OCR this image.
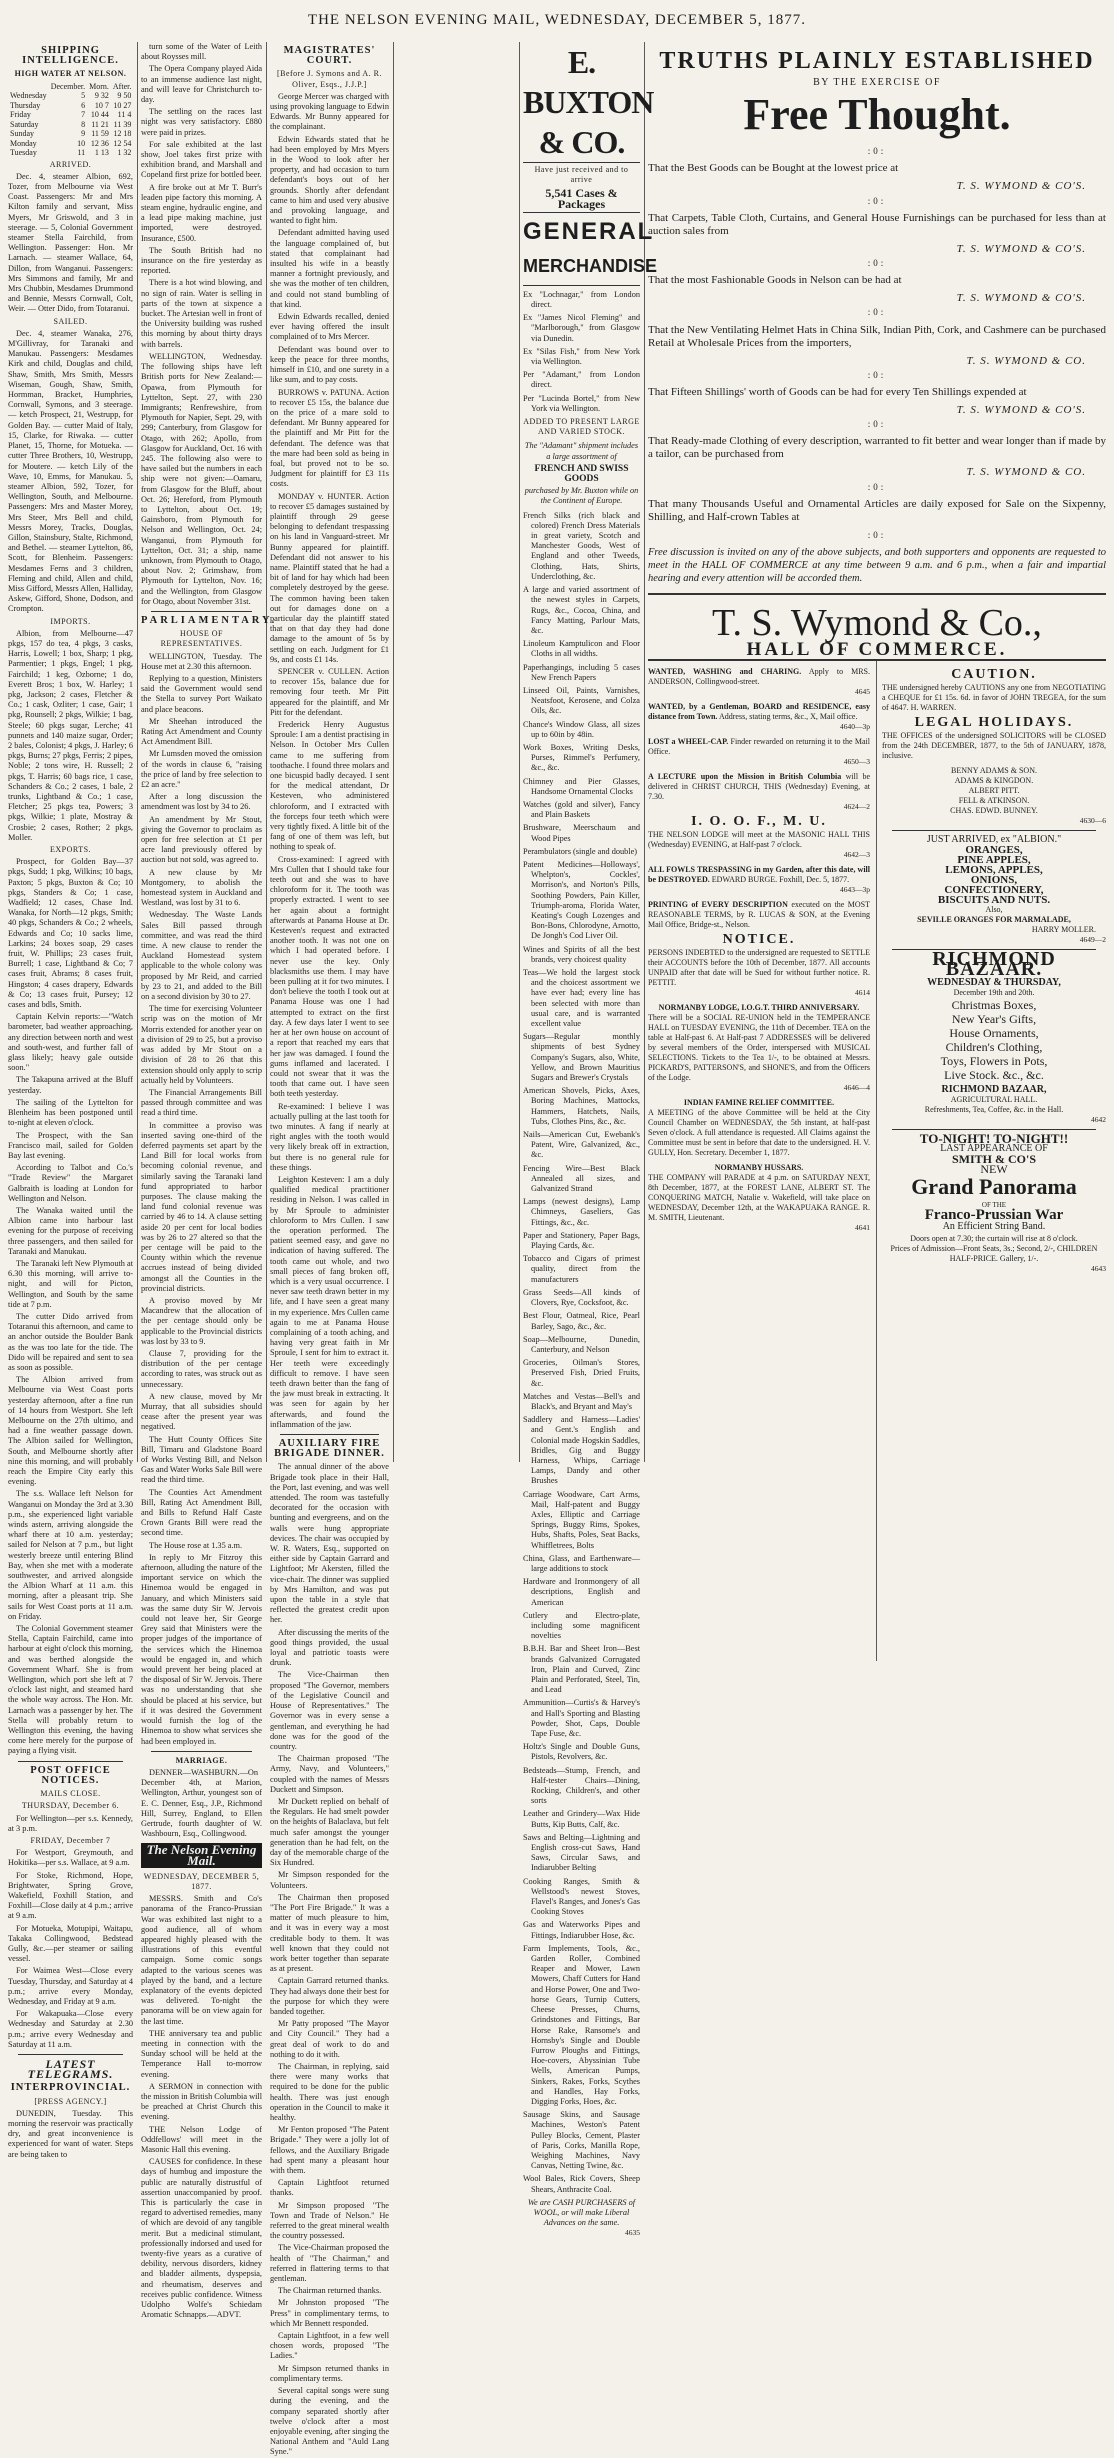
THE NELSON EVENING MAIL, WEDNESDAY, DECEMBER 5, 1877.
SHIPPING INTELLIGENCE.
HIGH WATER AT NELSON.
	December.	Morn.	After.
Wednesday	5	9 32	9 50
Thursday	6	10 7	10 27
Friday	7	10 44	11 4
Saturday	8	11 21	11 39
Sunday	9	11 59	12 18
Monday	10	12 36	12 54
Tuesday	11	1 13	1 32
ARRIVED.

Dec. 4, steamer Albion, 692, Tozer, from Melbourne via West Coast. Passengers: Mr and Mrs Kilton family and servant, Miss Myers, Mr Griswold, and 3 in steerage. — 5, Colonial Government steamer Stella Fairchild, from Wellington. Passenger: Hon. Mr Larnach. — steamer Wallace, 64, Dillon, from Wanganui. Passengers: Mrs Simmons and family, Mr and Mrs Chubbin, Mesdames Drummond and Bennie, Messrs Cornwall, Colt, Weir. — Otter Dido, from Totaranui.

SAILED.

Dec. 4, steamer Wanaka, 276, M'Gillivray, for Taranaki and Manukau. Passengers: Mesdames Kirk and child, Douglas and child, Shaw, Smith, Mrs Smith, Messrs Wiseman, Gough, Shaw, Smith, Hormman, Bracket, Humphries, Cornwall, Symons, and 3 steerage. — ketch Prospect, 21, Westrupp, for Golden Bay. — cutter Maid of Italy, 15, Clarke, for Riwaka. — cutter Planet, 15, Thorne, for Motueka. — cutter Three Brothers, 10, Westrupp, for Moutere. — ketch Lily of the Wave, 10, Emms, for Manukau. 5, steamer Albion, 592, Tozer, for Wellington, South, and Melbourne. Passengers: Mrs and Master Morey, Mrs Steer, Mrs Bell and child, Messrs Morey, Tracks, Douglas, Gillon, Stainsbury, Stalte, Richmond, and Bethel. — steamer Lyttelton, 86, Scott, for Blenheim. Passengers: Mesdames Ferns and 3 children, Fleming and child, Allen and child, Miss Gifford, Messrs Allen, Halliday, Askew, Gifford, Shone, Dodson, and Crompton.

IMPORTS.

Albion, from Melbourne—47 pkgs, 157 do tea, 4 pkgs, 3 casks, Harris, Lowell; 1 box, Sharp; 1 pkg, Parmentier; 1 pkgs, Engel; 1 pkg, Fairchild; 1 keg, Ozborne; 1 do, Everett Bros; 1 box, W. Harley; 1 pkg, Jackson; 2 cases, Fletcher & Co.; 1 cask, Ozliter; 1 case, Gair; 1 pkg, Rounsell; 2 pkgs, Wilkie; 1 bag, Steele; 60 pkgs sugar, Lerche; 41 punnets and 140 maize sugar, Order; 2 bales, Colonist; 4 pkgs, J. Harley; 6 pkgs, Burns; 27 pkgs, Ferris; 2 pipes, Noble; 2 tons wire, H. Russell; 2 pkgs, T. Harris; 60 bags rice, 1 case, Schanders & Co.; 2 cases, 1 bale, 2 trunks, Lightband & Co.; 1 case, Fletcher; 25 pkgs tea, Powers; 3 pkgs, Wilkie; 1 plate, Mostray & Crosbie; 2 cases, Rother; 2 pkgs, Moller.

EXPORTS.

Prospect, for Golden Bay—37 pkgs, Sudd; 1 pkg, Wilkins; 10 bags, Paxton; 5 pkgs, Buxton & Co; 10 pkgs, Standers & Co; 1 case, Wadfield; 12 cases, Chase Ind. Wanaka, for North—12 pkgs, Smith; 40 pkgs, Schanders & Co.; 2 wheels, Edwards and Co; 10 sacks lime, Larkins; 24 boxes soap, 29 cases fruit, W. Phillips; 23 cases fruit, Burrell; 1 case, Lightband & Co; 7 cases fruit, Abrams; 8 cases fruit, Hingston; 4 cases drapery, Edwards & Co; 13 cases fruit, Pursey; 12 cases and bdls, Smith.

Captain Kelvin reports:—"Watch barometer, bad weather approaching, any direction between north and west and south-west, and further fall of glass likely; heavy gale outside soon."

The Takapuna arrived at the Bluff yesterday.

The sailing of the Lyttelton for Blenheim has been postponed until to-night at eleven o'clock.

The Prospect, with the San Francisco mail, sailed for Golden Bay last evening.

According to Talbot and Co.'s "Trade Review" the Margaret Galbraith is loading at London for Wellington and Nelson.

The Wanaka waited until the Albion came into harbour last evening for the purpose of receiving three passengers, and then sailed for Taranaki and Manukau.

The Taranaki left New Plymouth at 6.30 this morning, will arrive to-night, and will for Picton, Wellington, and South by the same tide at 7 p.m.

The cutter Dido arrived from Totaranui this afternoon, and came to an anchor outside the Boulder Bank as the was too late for the tide. The Dido will be repaired and sent to sea as soon as possible.

The Albion arrived from Melbourne via West Coast ports yesterday afternoon, after a fine run of 14 hours from Westport. She left Melbourne on the 27th ultimo, and had a fine weather passage down. The Albion sailed for Wellington, South, and Melbourne shortly after nine this morning, and will probably reach the Empire City early this evening.

The s.s. Wallace left Nelson for Wanganui on Monday the 3rd at 3.30 p.m., she experienced light variable winds astern, arriving alongside the wharf there at 10 a.m. yesterday; sailed for Nelson at 7 p.m., but light westerly breeze until entering Blind Bay, when she met with a moderate southwester, and arrived alongside the Albion Wharf at 11 a.m. this morning, after a pleasant trip. She sails for West Coast ports at 11 a.m. on Friday.

The Colonial Government steamer Stella, Captain Fairchild, came into harbour at eight o'clock this morning, and was berthed alongside the Government Wharf. She is from Wellington, which port she left at 7 o'clock last night, and steamed hard the whole way across. The Hon. Mr. Larnach was a passenger by her. The Stella will probably return to Wellington this evening, the having come here merely for the purpose of paying a flying visit.

POST OFFICE NOTICES.
MAILS CLOSE.
THURSDAY, December 6.

For Wellington—per s.s. Kennedy, at 3 p.m.

FRIDAY, December 7

For Westport, Greymouth, and Hokitika—per s.s. Wallace, at 9 a.m.

For Stoke, Richmond, Hope, Brightwater, Spring Grove, Wakefield, Foxhill Station, and Foxhill—Close daily at 4 p.m.; arrive at 9 a.m.

For Motueka, Motupipi, Waitapu, Takaka Collingwood, Bedstead Gully, &c.—per steamer or sailing vessel.

For Waimea West—Close every Tuesday, Thursday, and Saturday at 4 p.m.; arrive every Monday, Wednesday, and Friday at 9 a.m.

For Wakapuaka—Close every Wednesday and Saturday at 2.30 p.m.; arrive every Wednesday and Saturday at 11 a.m.

LATEST TELEGRAMS.
INTERPROVINCIAL.
[PRESS AGENCY.]

DUNEDIN, Tuesday. This morning the reservoir was practically dry, and great inconvenience is experienced for want of water. Steps are being taken to

turn some of the Water of Leith about Roysses mill.

The Opera Company played Aida to an immense audience last night, and will leave for Christchurch to-day.

The settling on the races last night was very satisfactory. £880 were paid in prizes.

For sale exhibited at the last show, Joel takes first prize with exhibition brand, and Marshall and Copeland first prize for bottled beer.

A fire broke out at Mr T. Burr's leaden pipe factory this morning. A steam engine, hydraulic engine, and a lead pipe making machine, just imported, were destroyed. Insurance, £500.

The South British had no insurance on the fire yesterday as reported.

There is a hot wind blowing, and no sign of rain. Water is selling in parts of the town at sixpence a bucket. The Artesian well in front of the University building was rushed this morning by about thirty drays with barrels.

WELLINGTON, Wednesday. The following ships have left British ports for New Zealand:—Opawa, from Plymouth for Lyttelton, Sept. 27, with 230 Immigrants; Renfrewshire, from Plymouth for Napier, Sept. 29, with 299; Canterbury, from Glasgow for Otago, with 262; Apollo, from Glasgow for Auckland, Oct. 16 with 245. The following also were to have sailed but the numbers in each ship were not given:—Oamaru, from Glasgow for the Bluff, about Oct. 26; Hereford, from Plymouth to Lyttelton, about Oct. 19; Gainsboro, from Plymouth for Nelson and Wellington, Oct. 24; Wanganui, from Plymouth for Lyttelton, Oct. 31; a ship, name unknown, from Plymouth to Otago, about Nov. 2; Grimshaw, from Plymouth for Lyttelton, Nov. 16; and the Wellington, from Glasgow for Otago, about November 31st.

PARLIAMENTARY.
HOUSE OF REPRESENTATIVES.

WELLINGTON, Tuesday. The House met at 2.30 this afternoon.

Replying to a question, Ministers said the Government would send the Stella to survey Port Waikato and place beacons.

Mr Sheehan introduced the Rating Act Amendment and County Act Amendment Bill.

Mr Lumsden moved the omission of the words in clause 6, "raising the price of land by free selection to £2 an acre."

After a long discussion the amendment was lost by 34 to 26.

An amendment by Mr Stout, giving the Governor to proclaim as open for free selection at £1 per acre land previously offered by auction but not sold, was agreed to.

A new clause by Mr Montgomery, to abolish the homestead system in Auckland and Westland, was lost by 31 to 6.

Wednesday. The Waste Lands Sales Bill passed through committee, and was read the third time. A new clause to render the Auckland Homestead system applicable to the whole colony was proposed by Mr Reid, and carried by 23 to 21, and added to the Bill on a second division by 30 to 27.

The time for exercising Volunteer scrip was on the motion of Mr Morris extended for another year on a division of 29 to 25, but a proviso was added by Mr Stout on a division of 28 to 26 that this extension should only apply to scrip actually held by Volunteers.

The Financial Arrangements Bill passed through committee and was read a third time.

In committee a proviso was inserted saving one-third of the deferred payments set apart by the Land Bill for local works from becoming colonial revenue, and similarly saving the Taranaki land fund appropriated to harbor purposes. The clause making the land fund colonial revenue was carried by 46 to 14. A clause setting aside 20 per cent for local bodies was by 26 to 27 altered so that the per centage will be paid to the County within which the revenue accrues instead of being divided amongst all the Counties in the provincial districts.

A proviso moved by Mr Macandrew that the allocation of the per centage should only be applicable to the Provincial districts was lost by 33 to 9.

Clause 7, providing for the distribution of the per centage according to rates, was struck out as unnecessary.

A new clause, moved by Mr Murray, that all subsidies should cease after the present year was negatived.

The Hutt County Offices Site Bill, Timaru and Gladstone Board of Works Vesting Bill, and Nelson Gas and Water Works Sale Bill were read the third time.

The Counties Act Amendment Bill, Rating Act Amendment Bill, and Bills to Refund Half Caste Crown Grants Bill were read the second time.

The House rose at 1.35 a.m.

In reply to Mr Fitzroy this afternoon, alluding the nature of the important service on which the Hinemoa would be engaged in January, and which Ministers said was the same duty Sir W. Jervois could not leave her, Sir George Grey said that Ministers were the proper judges of the importance of the services which the Hinemoa would be engaged in, and which would prevent her being placed at the disposal of Sir W. Jervois. There was no understanding that she should be placed at his service, but if it was desired the Government would furnish the log of the Hinemoa to show what services she had been employed in.

MARRIAGE.

DENNER—WASHBURN.—On December 4th, at Marion, Wellington, Arthur, youngest son of E. C. Denner, Esq., J.P., Richmond Hill, Surrey, England, to Ellen Gertrude, fourth daughter of W. Washbourn, Esq., Collingwood.

The Nelson Evening Mail.
WEDNESDAY, DECEMBER 5, 1877.

MESSRS. Smith and Co's panorama of the Franco-Prussian War was exhibited last night to a good audience, all of whom appeared highly pleased with the illustrations of this eventful campaign. Some comic songs adapted to the various scenes was played by the band, and a lecture explanatory of the events depicted was delivered. To-night the panorama will be on view again for the last time.

THE anniversary tea and public meeting in connection with the Sunday school will be held at the Temperance Hall to-morrow evening.

A SERMON in connection with the mission in British Columbia will be preached at Christ Church this evening.

THE Nelson Lodge of Oddfellows' will meet in the Masonic Hall this evening.

CAUSES for confidence. In these days of humbug and imposture the public are naturally distrustful of assertion unaccompanied by proof. This is particularly the case in regard to advertised remedies, many of which are devoid of any tangible merit. But a medicinal stimulant, professionally indorsed and used for twenty-five years as a curative of debility, nervous disorders, kidney and bladder ailments, dyspepsia, and rheumatism, deserves and receives public confidence. Witness Udolpho Wolfe's Schiedam Aromatic Schnapps.—ADVT.

MAGISTRATES' COURT.
[Before J. Symons and A. R. Oliver, Esqs., J.J.P.]

George Mercer was charged with using provoking language to Edwin Edwards. Mr Bunny appeared for the complainant.

Edwin Edwards stated that he had been employed by Mrs Myers in the Wood to look after her property, and had occasion to turn defendant's boys out of her grounds. Shortly after defendant came to him and used very abusive and provoking language, and wanted to fight him.

Defendant admitted having used the language complained of, but stated that complainant had insulted his wife in a beastly manner a fortnight previously, and she was the mother of ten children, and could not stand bumbling of that kind.

Edwin Edwards recalled, denied ever having offered the insult complained of to Mrs Mercer.

Defendant was bound over to keep the peace for three months, himself in £10, and one surety in a like sum, and to pay costs.

BURROWS v. PATUNA. Action to recover £5 15s, the balance due on the price of a mare sold to defendant. Mr Bunny appeared for the plaintiff and Mr Pitt for the defendant. The defence was that the mare had been sold as being in foal, but proved not to be so. Judgment for plaintiff for £3 11s costs.

MONDAY v. HUNTER. Action to recover £5 damages sustained by plaintiff through 29 geese belonging to defendant trespassing on his land in Vanguard-street. Mr Bunny appeared for plaintiff. Defendant did not answer to his name. Plaintiff stated that he had a bit of land for hay which had been completely destroyed by the geese. The common having been taken out for damages done on a particular day the plaintiff stated that on that day they had done damage to the amount of 5s by settling on each. Judgment for £1 9s, and costs £1 14s.

SPENCER v. CULLEN. Action to recover 15s, balance due for removing four teeth. Mr Pitt appeared for the plaintiff, and Mr Pitt for the defendant.

Frederick Henry Augustus Sproule: I am a dentist practising in Nelson. In October Mrs Cullen came to me suffering from toothache. I found three molars and one bicuspid badly decayed. I sent for the medical attendant, Dr Kesteven, who administered chloroform, and I extracted with the forceps four teeth which were very tightly fixed. A little bit of the fang of one of them was left, but nothing to speak of.

Cross-examined: I agreed with Mrs Cullen that I should take four teeth out and she was to have chloroform for it. The tooth was properly extracted. I went to see her again about a fortnight afterwards at Panama House at Dr. Kesteven's request and extracted another tooth. It was not one on which I had operated before. I never use the key. Only blacksmiths use them. I may have been pulling at it for two minutes. I don't believe the tooth I took out at Panama House was one I had attempted to extract on the first day. A few days later I went to see her at her own house on account of a report that reached my ears that her jaw was damaged. I found the gums inflamed and lacerated. I could not swear that it was the tooth that came out. I have seen both teeth yesterday.

Re-examined: I believe I was actually pulling at the last tooth for two minutes. A fang if nearly at right angles with the tooth would very likely break off in extraction, but there is no general rule for these things.

Leighton Kesteven: I am a duly qualified medical practitioner residing in Nelson. I was called in by Mr Sproule to administer chloroform to Mrs Cullen. I saw the operation performed. The patient seemed easy, and gave no indication of having suffered. The tooth came out whole, and two small pieces of fang broken off, which is a very usual occurrence. I never saw teeth drawn better in my life, and I have seen a great many in my experience. Mrs Cullen came again to me at Panama House complaining of a tooth aching, and having very great faith in Mr Sproule, I sent for him to extract it. Her teeth were exceedingly difficult to remove. I have seen teeth drawn better than the fang of the jaw must break in extracting. It was seen for again by her afterwards, and found the inflammation of the jaw.

AUXILIARY FIRE BRIGADE DINNER.

The annual dinner of the above Brigade took place in their Hall, the Port, last evening, and was well attended. The room was tastefully decorated for the occasion with bunting and evergreens, and on the walls were hung appropriate devices. The chair was occupied by W. R. Waters, Esq., supported on either side by Captain Garrard and Lightfoot; Mr Akersten, filled the vice-chair. The dinner was supplied by Mrs Hamilton, and was put upon the table in a style that reflected the greatest credit upon her.

After discussing the merits of the good things provided, the usual loyal and patriotic toasts were drunk.

The Vice-Chairman then proposed "The Governor, members of the Legislative Council and House of Representatives." The Governor was in every sense a gentleman, and everything he had done was for the good of the country.

The Chairman proposed "The Army, Navy, and Volunteers," coupled with the names of Messrs Duckett and Simpson.

Mr Duckett replied on behalf of the Regulars. He had smelt powder on the heights of Balaclava, but felt much safer amongst the younger generation than he had felt, on the day of the memorable charge of the Six Hundred.

Mr Simpson responded for the Volunteers.

The Chairman then proposed "The Port Fire Brigade." It was a matter of much pleasure to him, and it was in every way a most creditable body to them. It was well known that they could not work better together than separate as at present.

Captain Garrard returned thanks. They had always done their best for the purpose for which they were banded together.

Mr Patty proposed "The Mayor and City Council." They had a great deal of work to do and nothing to do it with.

The Chairman, in replying, said there were many works that required to be done for the public health. There was just enough operation in the Council to make it healthy.

Mr Fenton proposed "The Patent Brigade." They were a jolly lot of fellows, and the Auxiliary Brigade had spent many a pleasant hour with them.

Captain Lightfoot returned thanks.

Mr Simpson proposed "The Town and Trade of Nelson." He referred to the great mineral wealth the country possessed.

The Vice-Chairman proposed the health of "The Chairman," and referred in flattering terms to that gentleman.

The Chairman returned thanks.

Mr Johnston proposed "The Press" in complimentary terms, to which Mr Bennett responded.

Captain Lightfoot, in a few well chosen words, proposed "The Ladies."

Mr Simpson returned thanks in complimentary terms.

Several capital songs were sung during the evening, and the company separated shortly after twelve o'clock after a most enjoyable evening, after singing the National Anthem and "Auld Lang Syne."

E. BUXTON & CO.
Have just received and to arrive
5,541 Cases & Packages
GENERAL
MERCHANDISE
Ex "Lochnagar," from London direct.
Ex "James Nicol Fleming" and "Marlborough," from Glasgow via Dunedin.
Ex "Silas Fish," from New York via Wellington.
Per "Adamant," from London direct.
Per "Lucinda Bortel," from New York via Wellington.
ADDED TO PRESENT LARGE AND VARIED STOCK.
The "Adamant" shipment includes a large assortment of
FRENCH AND SWISS GOODS
purchased by Mr. Buxton while on the Continent of Europe.
French Silks (rich black and colored) French Dress Materials in great variety, Scotch and Manchester Goods, West of England and other Tweeds, Clothing, Hats, Shirts, Underclothing, &c.
A large and varied assortment of the newest styles in Carpets, Rugs, &c., Cocoa, China, and Fancy Matting, Parlour Mats, &c.
Linoleum Kamptulicon and Floor Cloths in all widths.
Paperhangings, including 5 cases New French Papers
Linseed Oil, Paints, Varnishes, Neatsfoot, Kerosene, and Colza Oils, &c.
Chance's Window Glass, all sizes up to 60in by 48in.
Work Boxes, Writing Desks, Purses, Rimmel's Perfumery, &c., &c.
Chimney and Pier Glasses, Handsome Ornamental Clocks
Watches (gold and silver), Fancy and Plain Baskets
Brushware, Meerschaum and Wood Pipes
Perambulators (single and double)
Patent Medicines—Holloways', Whelpton's, Cockles', Morrison's, and Norton's Pills, Soothing Powders, Pain Killer, Triumph-aroma, Florida Water, Keating's Cough Lozenges and Bon-Bons, Chlorodyne, Arnotto, De Jongh's Cod Liver Oil.
Wines and Spirits of all the best brands, very choicest quality
Teas—We hold the largest stock and the choicest assortment we have ever had; every line has been selected with more than usual care, and is warranted excellent value
Sugars—Regular monthly shipments of best Sydney Company's Sugars, also, White, Yellow, and Brown Mauritius Sugars and Brewer's Crystals
American Shovels, Picks, Axes, Boring Machines, Mattocks, Hammers, Hatchets, Nails, Tubs, Clothes Pins, &c., &c.
Nails—American Cut, Ewebank's Patent, Wire, Galvanized, &c., &c.
Fencing Wire—Best Black Annealed all sizes, and Galvanized Strand
Lamps (newest designs), Lamp Chimneys, Gaseliers, Gas Fittings, &c., &c.
Paper and Stationery, Paper Bags, Playing Cards, &c.
Tobacco and Cigars of primest quality, direct from the manufacturers
Grass Seeds—All kinds of Clovers, Rye, Cocksfoot, &c.
Best Flour, Oatmeal, Rice, Pearl Barley, Sago, &c., &c.
Soap—Melbourne, Dunedin, Canterbury, and Nelson
Groceries, Oilman's Stores, Preserved Fish, Dried Fruits, &c.
Matches and Vestas—Bell's and Black's, and Bryant and May's
Saddlery and Harness—Ladies' and Gent.'s English and Colonial made Hogskin Saddles, Bridles, Gig and Buggy Harness, Whips, Carriage Lamps, Dandy and other Brushes
Carriage Woodware, Cart Arms, Mail, Half-patent and Buggy Axles, Elliptic and Carriage Springs, Buggy Rims, Spokes, Hubs, Shafts, Poles, Seat Backs, Whiffletrees, Bolts
China, Glass, and Earthenware—large additions to stock
Hardware and Ironmongery of all descriptions, English and American
Cutlery and Electro-plate, including some magnificent novelties
B.B.H. Bar and Sheet Iron—Best brands Galvanized Corrugated Iron, Plain and Curved, Zinc Plain and Perforated, Steel, Tin, and Lead
Ammunition—Curtis's & Harvey's and Hall's Sporting and Blasting Powder, Shot, Caps, Double Tape Fuse, &c.
Holtz's Single and Double Guns, Pistols, Revolvers, &c.
Bedsteads—Stump, French, and Half-tester Chairs—Dining, Rocking, Children's, and other sorts
Leather and Grindery—Wax Hide Butts, Kip Butts, Calf, &c.
Saws and Belting—Lightning and English cross-cut Saws, Hand Saws, Circular Saws, and Indiarubber Belting
Cooking Ranges, Smith & Wellstood's newest Stoves, Flavel's Ranges, and Jones's Gas Cooking Stoves
Gas and Waterworks Pipes and Fittings, Indiarubber Hose, &c.
Farm Implements, Tools, &c., Garden Roller, Combined Reaper and Mower, Lawn Mowers, Chaff Cutters for Hand and Horse Power, One and Two-horse Gears, Turnip Cutters, Cheese Presses, Churns, Grindstones and Fittings, Bar Horse Rake, Ransome's and Hornsby's Single and Double Furrow Ploughs and Fittings, Hoe-covers, Abyssinian Tube Wells, American Pumps, Sinkers, Rakes, Forks, Scythes and Handles, Hay Forks, Digging Forks, Hoes, &c.
Sausage Skins, and Sausage Machines, Weston's Patent Pulley Blocks, Cement, Plaster of Paris, Corks, Manilla Rope, Weighing Machines, Navy Canvas, Netting Twine, &c.
Wool Bales, Rick Covers, Sheep Shears, Anthracite Coal.
We are CASH PURCHASERS of WOOL, or will make Liberal Advances on the same.
4635
TRUTHS PLAINLY ESTABLISHED
BY THE EXERCISE OF
Free Thought.
:0:
That the Best Goods can be Bought at the lowest price at
T. S. WYMOND & CO'S.
:0:
That Carpets, Table Cloth, Curtains, and General House Furnishings can be purchased for less than at auction sales from
T. S. WYMOND & CO'S.
:0:
That the most Fashionable Goods in Nelson can be had at
T. S. WYMOND & CO'S.
:0:
That the New Ventilating Helmet Hats in China Silk, Indian Pith, Cork, and Cashmere can be purchased Retail at Wholesale Prices from the importers,
T. S. WYMOND & CO.
:0:
That Fifteen Shillings' worth of Goods can be had for every Ten Shillings expended at
T. S. WYMOND & CO'S.
:0:
That Ready-made Clothing of every description, warranted to fit better and wear longer than if made by a tailor, can be purchased from
T. S. WYMOND & CO.
:0:
That many Thousands Useful and Ornamental Articles are daily exposed for Sale on the Sixpenny, Shilling, and Half-crown Tables at
:0:
Free discussion is invited on any of the above subjects, and both supporters and opponents are requested to meet in the HALL OF COMMERCE at any time between 9 a.m. and 6 p.m., when a fair and impartial hearing and every attention will be accorded them.
T. S. Wymond & Co.,
HALL OF COMMERCE.
WANTED, WASHING and CHARING. Apply to MRS. ANDERSON, Collingwood-street.
4645
WANTED, by a Gentleman, BOARD and RESIDENCE, easy distance from Town. Address, stating terms, &c., X, Mail office.
4640—3p
LOST a WHEEL-CAP. Finder rewarded on returning it to the Mail Office.
4650—3
A LECTURE upon the Mission in British Columbia will be delivered in CHRIST CHURCH, THIS (Wednesday) Evening, at 7.30.
4624—2
I. O. O. F., M. U.
THE NELSON LODGE will meet at the MASONIC HALL THIS (Wednesday) EVENING, at Half-past 7 o'clock.
4642—3
ALL FOWLS TRESPASSING in my Garden, after this date, will be DESTROYED. EDWARD BURGE. Foxhill, Dec. 5, 1877.
4643—3p
PRINTING of EVERY DESCRIPTION executed on the MOST REASONABLE TERMS, by R. LUCAS & SON, at the Evening Mail Office, Bridge-st., Nelson.
NOTICE.
PERSONS INDEBTED to the undersigned are requested to SETTLE their ACCOUNTS before the 10th of December, 1877. All accounts UNPAID after that date will be Sued for without further notice. R. PETTIT.
4614
NORMANBY LODGE, I.O.G.T. THIRD ANNIVERSARY.
There will be a SOCIAL RE-UNION held in the TEMPERANCE HALL on TUESDAY EVENING, the 11th of December. TEA on the table at Half-past 6. At Half-past 7 ADDRESSES will be delivered by several members of the Order, interspersed with MUSICAL SELECTIONS. Tickets to the Tea 1/-, to be obtained at Messrs. PICKARD'S, PATTERSON'S, and SHONE'S, and from the Officers of the Lodge.
4646—4
INDIAN FAMINE RELIEF COMMITTEE.
A MEETING of the above Committee will be held at the City Council Chamber on WEDNESDAY, the 5th instant, at half-past Seven o'clock. A full attendance is requested. All Claims against the Committee must be sent in before that date to the undersigned. H. V. GULLY, Hon. Secretary. December 1, 1877.
NORMANBY HUSSARS.
THE COMPANY will PARADE at 4 p.m. on SATURDAY NEXT, 8th December, 1877, at the FOREST LANE, ALBERT ST. The CONQUERING MATCH, Natalie v. Wakefield, will take place on WEDNESDAY, December 12th, at the WAKAPUAKA RANGE. R. M. SMITH, Lieutenant.
4641
CAUTION.
THE undersigned hereby CAUTIONS any one from NEGOTIATING a CHEQUE for £1 15s. 6d. in favor of JOHN TREGEA, for the sum of 4647. H. WARREN.
LEGAL HOLIDAYS.
THE OFFICES of the undersigned SOLICITORS will be CLOSED from the 24th DECEMBER, 1877, to the 5th of JANUARY, 1878, inclusive.
BENNY ADAMS & SON.
ADAMS & KINGDON.
ALBERT PITT.
FELL & ATKINSON.
CHAS. EDWD. BUNNEY.
4630—6
JUST ARRIVED, ex "ALBION."
ORANGES,
PINE APPLES,
LEMONS, APPLES,
ONIONS,
CONFECTIONERY,
BISCUITS AND NUTS.
Also,
SEVILLE ORANGES FOR MARMALADE,
HARRY MOLLER.
4649—2
RICHMOND BAZAAR.
WEDNESDAY & THURSDAY,
December 19th and 20th.
Christmas Boxes,
New Year's Gifts,
House Ornaments,
Children's Clothing,
Toys, Flowers in Pots,
Live Stock. &c., &c.
RICHMOND BAZAAR,
AGRICULTURAL HALL.
Refreshments, Tea, Coffee, &c. in the Hall.
4642
TO-NIGHT! TO-NIGHT!!
LAST APPEARANCE OF
SMITH & CO'S
NEW
Grand Panorama
OF THE
Franco-Prussian War
An Efficient String Band.
Doors open at 7.30; the curtain will rise at 8 o'clock.
Prices of Admission—Front Seats, 3s.; Second, 2/-, CHILDREN HALF-PRICE. Gallery, 1/-.
4643
